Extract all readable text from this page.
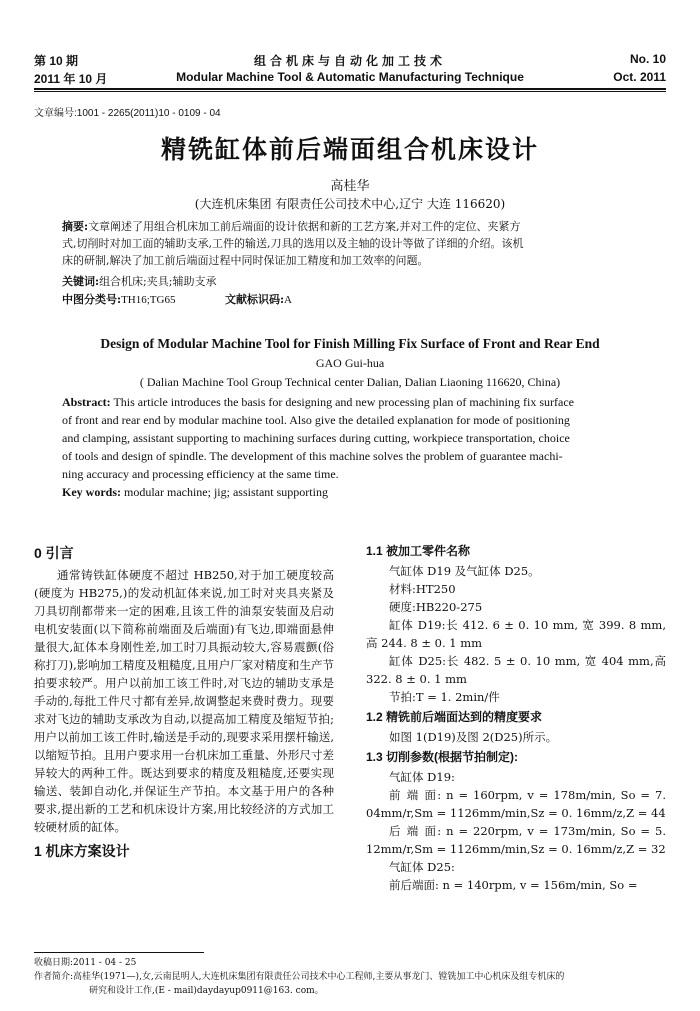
第 10 期
2011 年 10 月
组合机床与自动化加工技术
Modular Machine Tool & Automatic Manufacturing Technique
No. 10
Oct. 2011
文章编号:1001 - 2265(2011)10 - 0109 - 04
精铣缸体前后端面组合机床设计
高桂华
(大连机床集团 有限责任公司技术中心,辽宁 大连 116620)
摘要:文章阐述了用组合机床加工前后端面的设计依据和新的工艺方案,并对工件的定位、夹紧方
式,切削时对加工面的辅助支承,工件的输送,刀具的选用以及主轴的设计等做了详细的介绍。该机
床的研制,解决了加工前后端面过程中同时保证加工精度和加工效率的问题。
关键词:组合机床;夹具;辅助支承
中图分类号:TH16;TG65	文献标识码:A
Design of Modular Machine Tool for Finish Milling Fix Surface of Front and Rear End
GAO Gui-hua
( Dalian Machine Tool Group Technical center Dalian, Dalian Liaoning 116620, China)
Abstract: This article introduces the basis for designing and new processing plan of machining fix surface
of front and rear end by modular machine tool. Also give the detailed explanation for mode of positioning
and clamping, assistant supporting to machining surfaces during cutting, workpiece transportation, choice
of tools and design of spindle. The development of this machine solves the problem of guarantee machi-
ning accuracy and processing efficiency at the same time.
Key words: modular machine; jig; assistant supporting

0 引言

通常铸铁缸体硬度不超过 HB250,对于加工硬度较高(硬度为 HB275,)的发动机缸体来说,加工时对夹具夹紧及刀具切削都带来一定的困难,且该工件的油泵安装面及启动电机安装面(以下简称前端面及后端面)有飞边,即端面悬伸量很大,缸体本身刚性差,加工时刀具振动较大,容易震颤(俗称打刀),影响加工精度及粗糙度,且用户厂家对精度和生产节拍要求较严。用户以前加工该工件时,对飞边的辅助支承是手动的,每批工件尺寸都有差异,故调整起来费时费力。现要求对飞边的辅助支承改为自动,以提高加工精度及缩短节拍;用户以前加工该工件时,输送是手动的,现要求采用摆杆输送,以缩短节拍。且用户要求用一台机床加工重量、外形尺寸差异较大的两种工件。既达到要求的精度及粗糙度,还要实现输送、装卸自动化,并保证生产节拍。本文基于用户的各种要求,提出新的工艺和机床设计方案,用比较经济的方式加工较硬材质的缸体。

1 机床方案设计

1.1 被加工零件名称

气缸体 D19 及气缸体 D25。

材料:HT250

硬度:HB220-275

缸体 D19:长 412. 6 ± 0. 10 mm, 宽 399. 8 mm,高 244. 8 ± 0. 1 mm

缸体 D25:长 482. 5 ± 0. 10 mm, 宽 404 mm,高 322. 8 ± 0. 1 mm

节拍:T = 1. 2min/件

1.2 精铣前后端面达到的精度要求

如图 1(D19)及图 2(D25)所示。

1.3 切削参数(根据节拍制定):

气缸体 D19:

前 端 面: n = 160rpm, v = 178m/min, So = 7. 04mm/r,Sm = 1126mm/min,Sz = 0. 16mm/z,Z = 44

后 端 面: n = 220rpm, v = 173m/min, So = 5. 12mm/r,Sm = 1126mm/min,Sz = 0. 16mm/z,Z = 32

气缸体 D25:

前后端面: n = 140rpm, v = 156m/min, So =

收稿日期:2011 - 04 - 25
作者简介:高桂华(1971—),女,云南昆明人,大连机床集团有限责任公司技术中心工程师,主要从事龙门、镗铣加工中心机床及组专机床的
研究和设计工作,(E - mail)daydayup0911@163. com。
